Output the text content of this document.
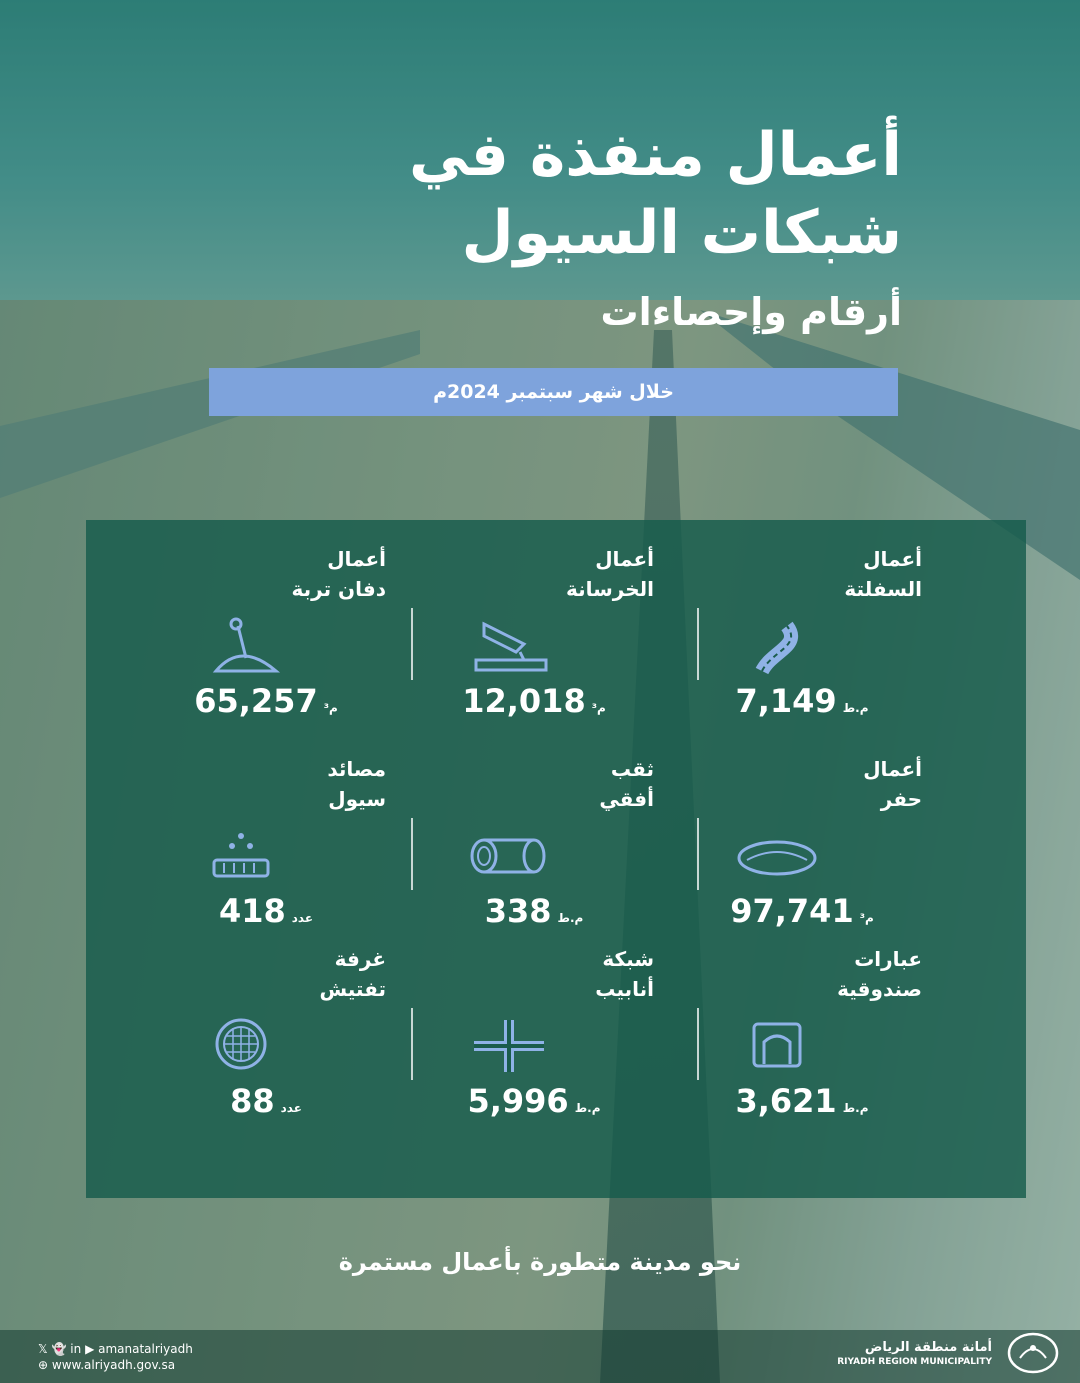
أعمال منفذة في
شبكات السيول
أرقام وإحصاءات
خلال شهر سبتمبر 2024م
أعمال
السفلتة
7,149 م.ط
أعمال
الخرسانة
12,018 م³
أعمال
دفان تربة
65,257 م³
أعمال
حفر
97,741 م³
ثقب
أفقي
338 م.ط
مصائد
سيول
418 عدد
عبارات
صندوقية
3,621 م.ط
شبكة
أنابيب
5,996 م.ط
غرفة
تفتيش
88 عدد
نحو مدينة متطورة بأعمال مستمرة
𝕏 👻 in ▶ amanatalriyadh
⊕ www.alriyadh.gov.sa
أمانة منطقة الرياض
RIYADH REGION MUNICIPALITY
